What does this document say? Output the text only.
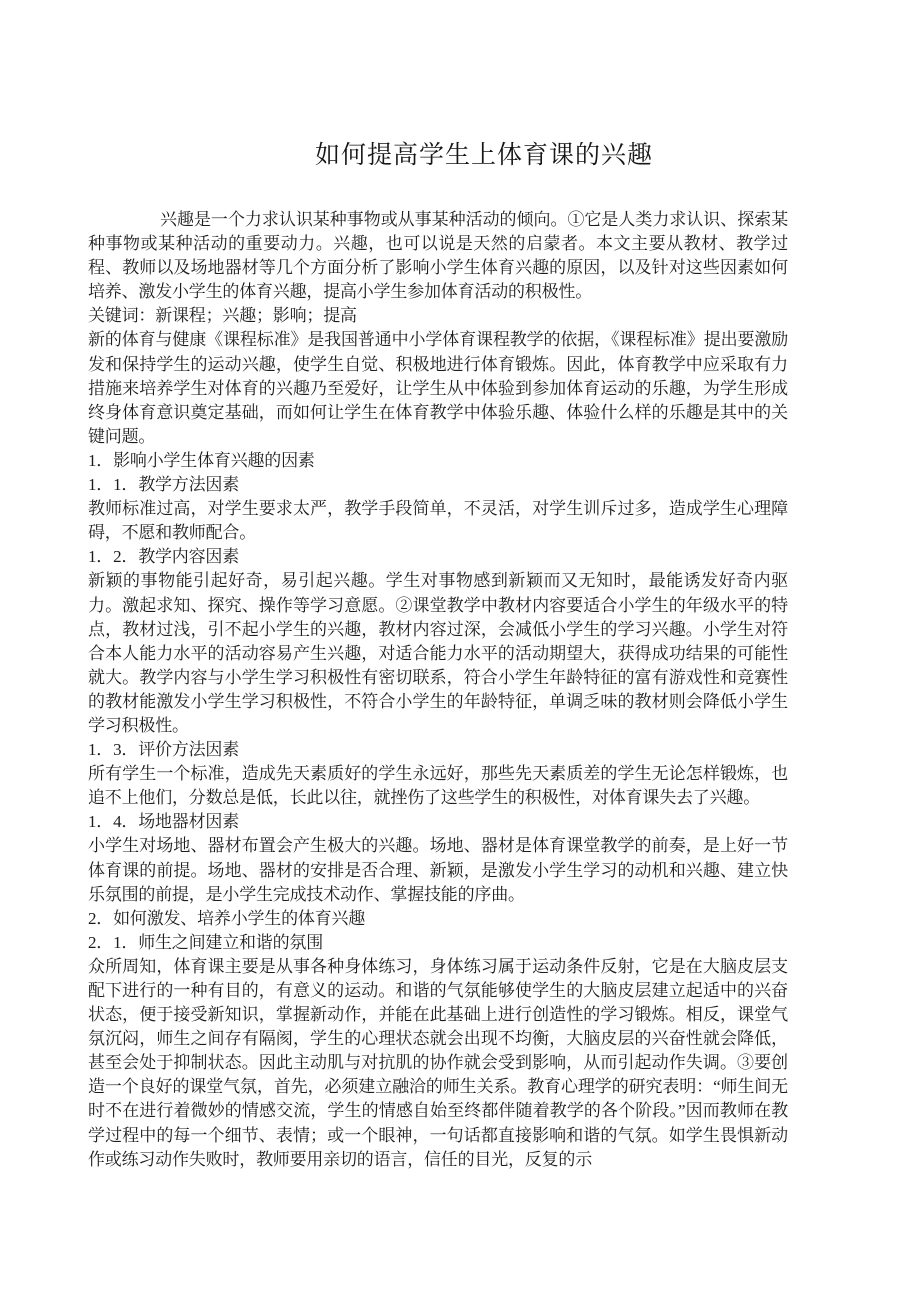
如何提高学生上体育课的兴趣

兴趣是一个力求认识某种事物或从事某种活动的倾向。①它是人类力求认识、探索某种事物或某种活动的重要动力。兴趣，也可以说是天然的启蒙者。本文主要从教材、教学过程、教师以及场地器材等几个方面分析了影响小学生体育兴趣的原因，以及针对这些因素如何培养、激发小学生的体育兴趣，提高小学生参加体育活动的积极性。

关键词：新课程；兴趣；影响；提高

新的体育与健康《课程标准》是我国普通中小学体育课程教学的依据，《课程标准》提出要激励发和保持学生的运动兴趣，使学生自觉、积极地进行体育锻炼。因此，体育教学中应采取有力措施来培养学生对体育的兴趣乃至爱好，让学生从中体验到参加体育运动的乐趣，为学生形成终身体育意识奠定基础，而如何让学生在体育教学中体验乐趣、体验什么样的乐趣是其中的关键问题。

1．影响小学生体育兴趣的因素

1．1．教学方法因素

教师标准过高，对学生要求太严，教学手段简单，不灵活，对学生训斥过多，造成学生心理障碍，不愿和教师配合。

1．2．教学内容因素

新颖的事物能引起好奇，易引起兴趣。学生对事物感到新颖而又无知时，最能诱发好奇内驱力。激起求知、探究、操作等学习意愿。②课堂教学中教材内容要适合小学生的年级水平的特点，教材过浅，引不起小学生的兴趣，教材内容过深，会减低小学生的学习兴趣。小学生对符合本人能力水平的活动容易产生兴趣，对适合能力水平的活动期望大，获得成功结果的可能性就大。教学内容与小学生学习积极性有密切联系，符合小学生年龄特征的富有游戏性和竞赛性的教材能激发小学生学习积极性，不符合小学生的年龄特征，单调乏味的教材则会降低小学生学习积极性。

1．3．评价方法因素

所有学生一个标准，造成先天素质好的学生永远好，那些先天素质差的学生无论怎样锻炼，也追不上他们，分数总是低，长此以往，就挫伤了这些学生的积极性，对体育课失去了兴趣。

1．4．场地器材因素

小学生对场地、器材布置会产生极大的兴趣。场地、器材是体育课堂教学的前奏，是上好一节体育课的前提。场地、器材的安排是否合理、新颖，是激发小学生学习的动机和兴趣、建立快乐氛围的前提，是小学生完成技术动作、掌握技能的序曲。

2．如何激发、培养小学生的体育兴趣

2．1．师生之间建立和谐的氛围

众所周知，体育课主要是从事各种身体练习，身体练习属于运动条件反射，它是在大脑皮层支配下进行的一种有目的，有意义的运动。和谐的气氛能够使学生的大脑皮层建立起适中的兴奋状态，便于接受新知识，掌握新动作，并能在此基础上进行创造性的学习锻炼。相反，课堂气氛沉闷，师生之间存有隔阂，学生的心理状态就会出现不均衡，大脑皮层的兴奋性就会降低，甚至会处于抑制状态。因此主动肌与对抗肌的协作就会受到影响，从而引起动作失调。③要创造一个良好的课堂气氛，首先，必须建立融洽的师生关系。教育心理学的研究表明：“师生间无时不在进行着微妙的情感交流，学生的情感自始至终都伴随着教学的各个阶段。”因而教师在教学过程中的每一个细节、表情；或一个眼神，一句话都直接影响和谐的气氛。如学生畏惧新动作或练习动作失败时，教师要用亲切的语言，信任的目光，反复的示
